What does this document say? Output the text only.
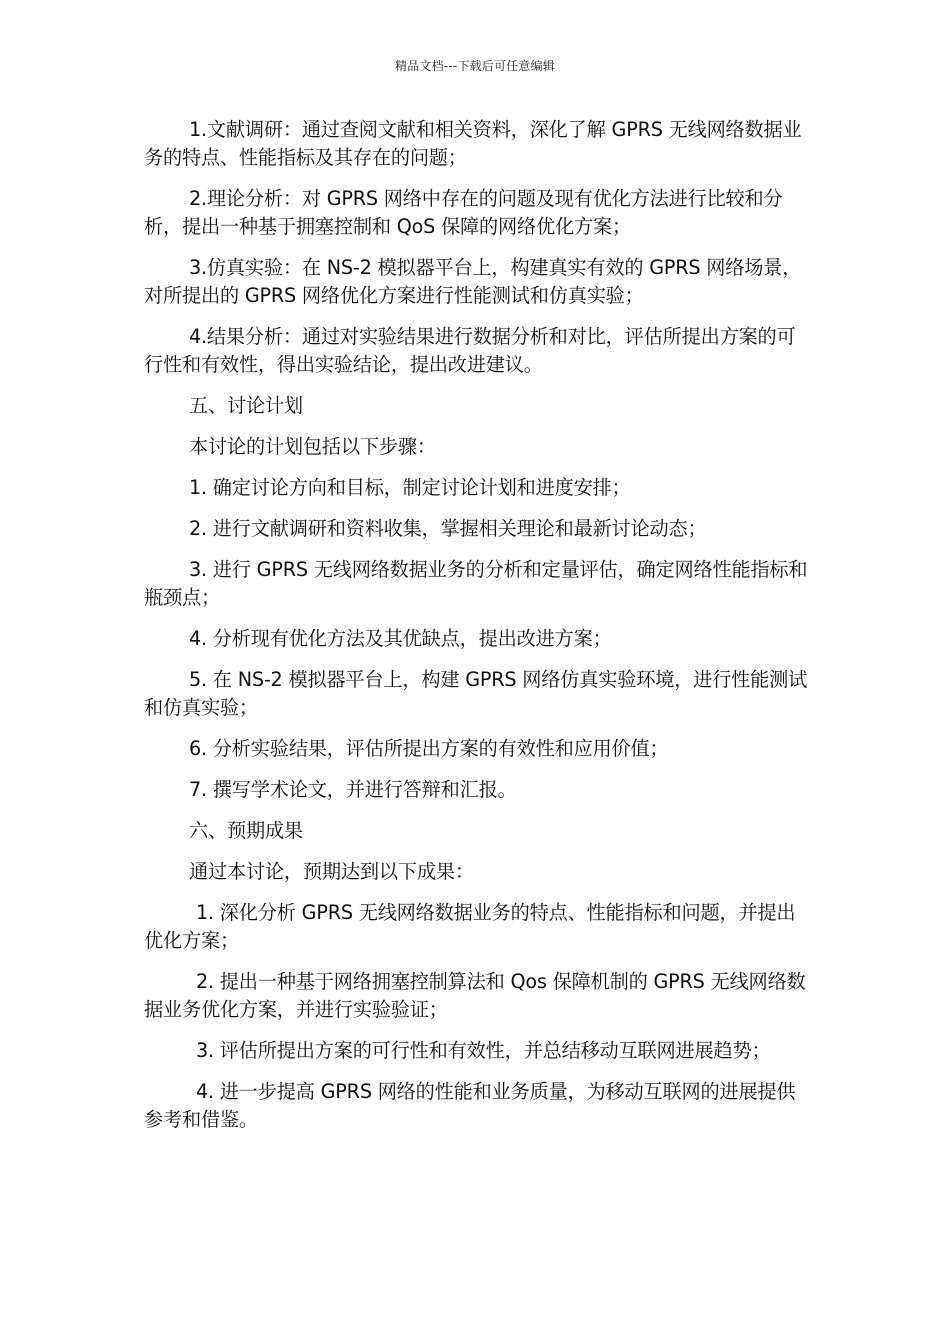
精品文档---下载后可任意编辑

1.文献调研：通过查阅文献和相关资料，深化了解 GPRS 无线网络数据业务的特点、性能指标及其存在的问题；

2.理论分析：对 GPRS 网络中存在的问题及现有优化方法进行比较和分析，提出一种基于拥塞控制和 QoS 保障的网络优化方案；

3.仿真实验：在 NS-2 模拟器平台上，构建真实有效的 GPRS 网络场景，对所提出的 GPRS 网络优化方案进行性能测试和仿真实验；

4.结果分析：通过对实验结果进行数据分析和对比，评估所提出方案的可行性和有效性，得出实验结论，提出改进建议。

五、讨论计划

本讨论的计划包括以下步骤：

1. 确定讨论方向和目标，制定讨论计划和进度安排；

2. 进行文献调研和资料收集，掌握相关理论和最新讨论动态；

3. 进行 GPRS 无线网络数据业务的分析和定量评估，确定网络性能指标和瓶颈点；

4. 分析现有优化方法及其优缺点，提出改进方案；

5. 在 NS-2 模拟器平台上，构建 GPRS 网络仿真实验环境，进行性能测试和仿真实验；

6. 分析实验结果，评估所提出方案的有效性和应用价值；

7. 撰写学术论文，并进行答辩和汇报。

六、预期成果

通过本讨论，预期达到以下成果：

1. 深化分析 GPRS 无线网络数据业务的特点、性能指标和问题，并提出优化方案；

2. 提出一种基于网络拥塞控制算法和 Qos 保障机制的 GPRS 无线网络数据业务优化方案，并进行实验验证；

3. 评估所提出方案的可行性和有效性，并总结移动互联网进展趋势；

4. 进一步提高 GPRS 网络的性能和业务质量，为移动互联网的进展提供参考和借鉴。
